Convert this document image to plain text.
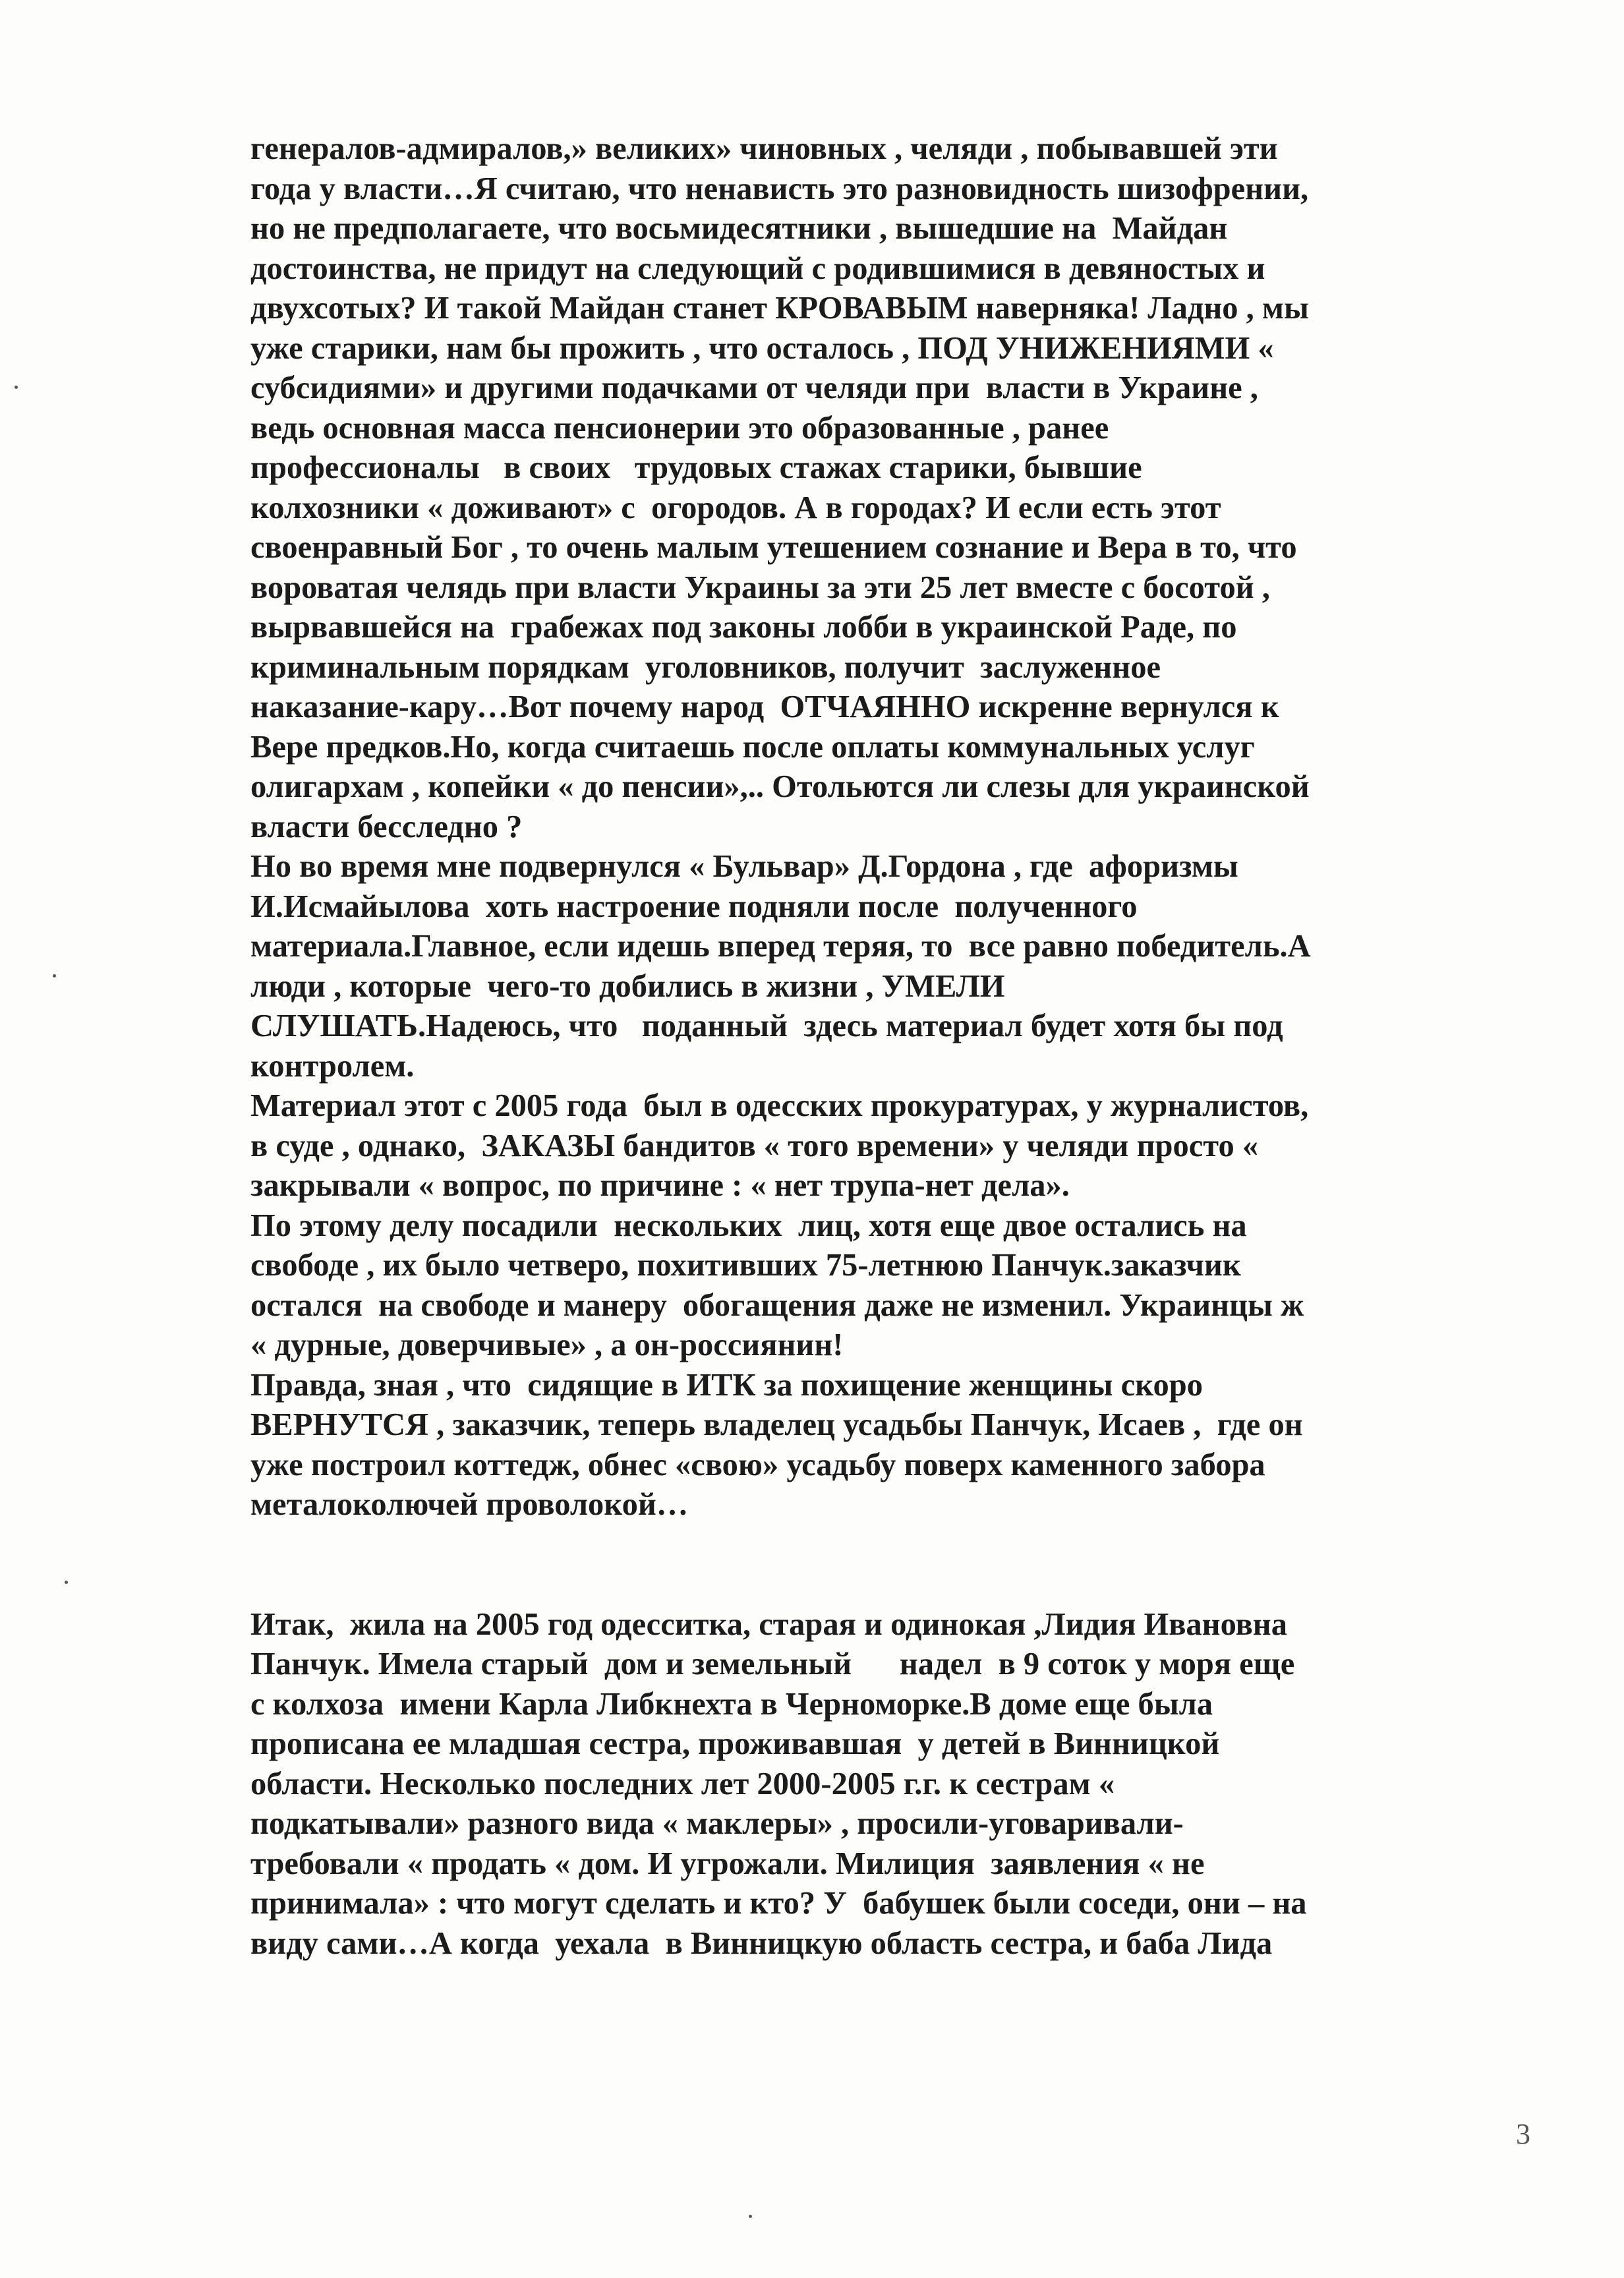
генералов-адмиралов,» великих» чиновных , челяди , побывавшей эти
года у власти…Я считаю, что ненависть это разновидность шизофрении,
но не предполагаете, что восьмидесятники , вышедшие на  Майдан
достоинства, не придут на следующий с родившимися в девяностых и
двухсотых? И такой Майдан станет КРОВАВЫМ наверняка! Ладно , мы
уже старики, нам бы прожить , что осталось , ПОД УНИЖЕНИЯМИ «
субсидиями» и другими подачками от челяди при  власти в Украине ,
ведь основная масса пенсионерии это образованные , ранее
профессионалы   в своих   трудовых стажах старики, бывшие
колхозники « доживают» с  огородов. А в городах? И если есть этот
своенравный Бог , то очень малым утешением сознание и Вера в то, что
вороватая челядь при власти Украины за эти 25 лет вместе с босотой ,
вырвавшейся на  грабежах под законы лобби в украинской Раде, по
криминальным порядкам  уголовников, получит  заслуженное
наказание-кару…Вот почему народ  ОТЧАЯННО искренне вернулся к
Вере предков.Но, когда считаешь после оплаты коммунальных услуг
олигархам , копейки « до пенсии»,.. Отольются ли слезы для украинской
власти бесследно ?
Но во время мне подвернулся « Бульвар» Д.Гордона , где  афоризмы
И.Исмайылова  хоть настроение подняли после  полученного
материала.Главное, если идешь вперед теряя, то  все равно победитель.А
люди , которые  чего-то добились в жизни , УМЕЛИ
СЛУШАТЬ.Надеюсь, что   поданный  здесь материал будет хотя бы под
контролем.
Материал этот с 2005 года  был в одесских прокуратурах, у журналистов,
в суде , однако,  ЗАКАЗЫ бандитов « того времени» у челяди просто «
закрывали « вопрос, по причине : « нет трупа-нет дела».
По этому делу посадили  нескольких  лиц, хотя еще двое остались на
свободе , их было четверо, похитивших 75-летнюю Панчук.заказчик
остался  на свободе и манеру  обогащения даже не изменил. Украинцы ж
« дурные, доверчивые» , а он-россиянин!
Правда, зная , что  сидящие в ИТК за похищение женщины скоро
ВЕРНУТСЯ , заказчик, теперь владелец усадьбы Панчук, Исаев ,  где он
уже построил коттедж, обнес «свою» усадьбу поверх каменного забора
металоколючей проволокой…
Итак,  жила на 2005 год одесситка, старая и одинокая ,Лидия Ивановна
Панчук. Имела старый  дом и земельный      надел  в 9 соток у моря еще
с колхоза  имени Карла Либкнехта в Черноморке.В доме еще была
прописана ее младшая сестра, проживавшая  у детей в Винницкой
области. Несколько последних лет 2000-2005 г.г. к сестрам «
подкатывали» разного вида « маклеры» , просили-уговаривали-
требовали « продать « дом. И угрожали. Милиция  заявления « не
принимала» : что могут сделать и кто? У  бабушек были соседи, они – на
виду сами…А когда  уехала  в Винницкую область сестра, и баба Лида
3
